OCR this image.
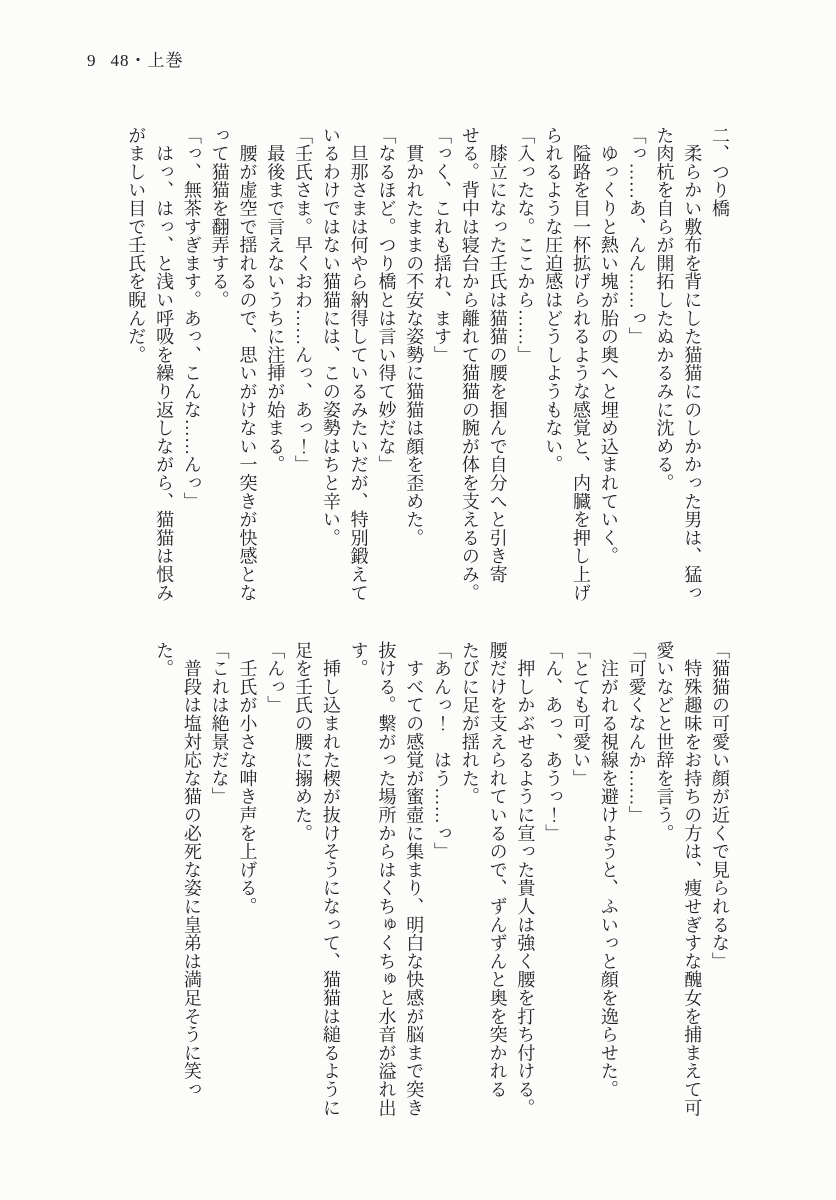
9 48・上巻

二、つり橋

　柔らかい敷布を背にした猫猫にのしかかった男は、猛っ

た肉杭を自らが開拓したぬかるみに沈める。

「っ……あ、んん……っ」

　ゆっくりと熱い塊が胎の奥へと埋め込まれていく。

　隘路を目一杯拡げられるような感覚と、内臓を押し上げ

られるような圧迫感はどうしようもない。

「入ったな。ここから……」

　膝立になった壬氏は猫猫の腰を掴んで自分へと引き寄

せる。背中は寝台から離れて猫猫の腕が体を支えるのみ。

「っく、これも揺れ、ます」

　貫かれたままの不安な姿勢に猫猫は顔を歪めた。

「なるほど。つり橋とは言い得て妙だな」

　旦那さまは何やら納得しているみたいだが、特別鍛えて

いるわけではない猫猫には、この姿勢はちと辛い。

「壬氏さま。早くおわ……んっ、あっ！」

　最後まで言えないうちに注挿が始まる。

　腰が虚空で揺れるので、思いがけない一突きが快感とな

って猫猫を翻弄する。

「っ、無茶すぎます。あっ、こんな……んっ」

　はっ、はっ、と浅い呼吸を繰り返しながら、猫猫は恨み

がましい目で壬氏を睨んだ。

「猫猫の可愛い顔が近くで見られるな」

　特殊趣味をお持ちの方は、痩せぎすな醜女を捕まえて可

愛いなどと世辞を言う。

「可愛くなんか……」

　注がれる視線を避けようと、ふいっと顔を逸らせた。

「とても可愛い」

「ん、あっ、あうっ！」

　押しかぶせるように宣った貴人は強く腰を打ち付ける。

腰だけを支えられているので、ずんずんと奥を突かれる

たびに足が揺れた。

「あんっ！　はう……っ」

　すべての感覚が蜜壺に集まり、明白な快感が脳まで突き

抜ける。繋がった場所からはくちゅくちゅと水音が溢れ出

す。

　挿し込まれた楔が抜けそうになって、猫猫は縋るように

足を壬氏の腰に搦めた。

「んっ」

　壬氏が小さな呻き声を上げる。

「これは絶景だな」

　普段は塩対応な猫の必死な姿に皇弟は満足そうに笑っ

た。
